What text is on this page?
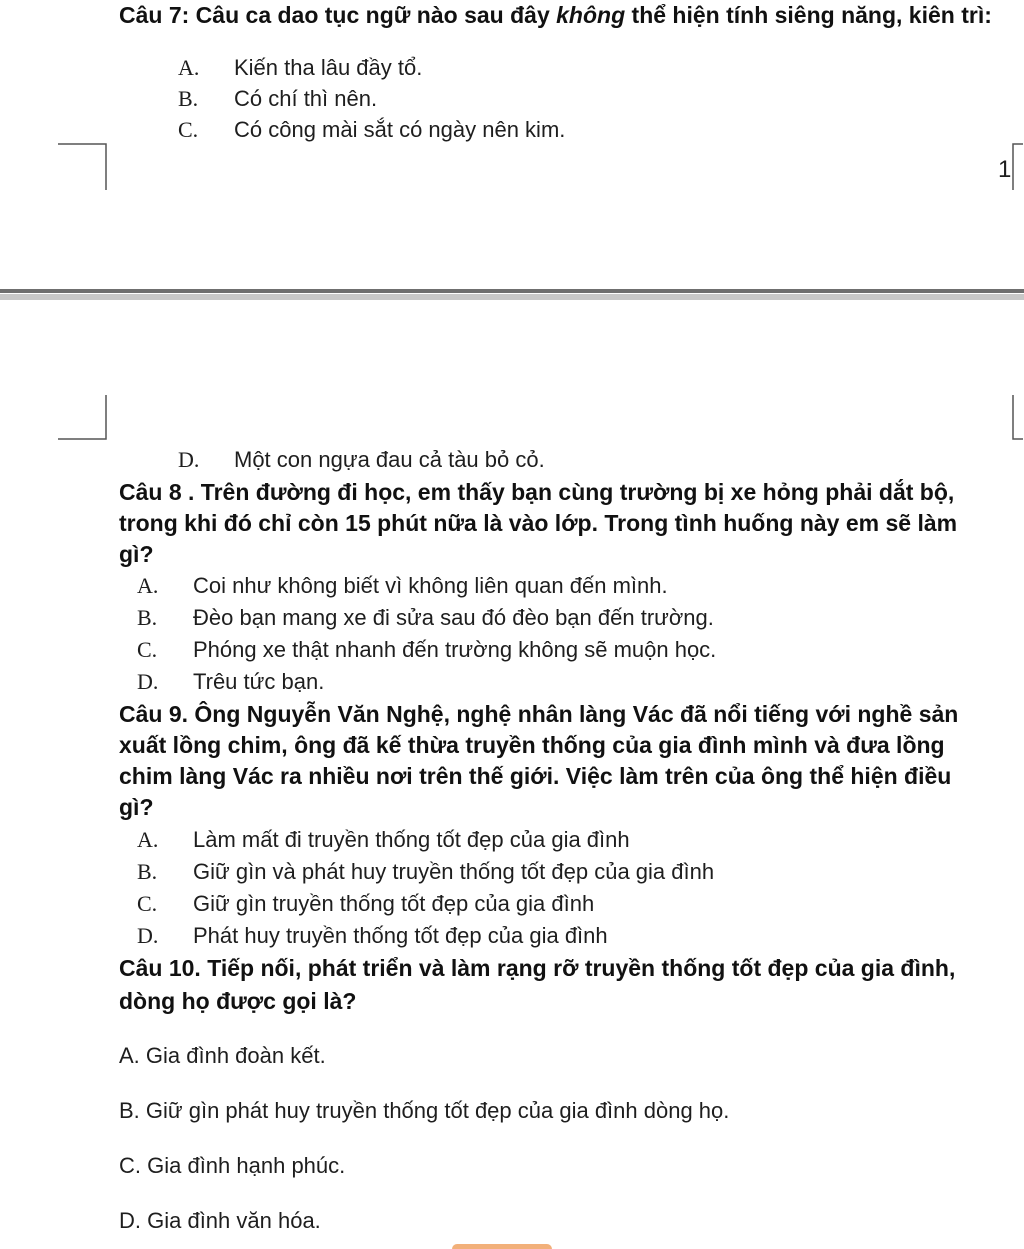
Câu 7: Câu ca dao tục ngữ nào sau đây không thể hiện tính siêng năng, kiên trì:
A. Kiến tha lâu đầy tổ.
B. Có chí thì nên.
C. Có công mài sắt có ngày nên kim.
1
D. Một con ngựa đau cả tàu bỏ cỏ.
Câu 8 . Trên đường đi học, em thấy bạn cùng trường bị xe hỏng phải dắt bộ,
trong khi đó chỉ còn 15 phút nữa là vào lớp. Trong tình huống này em sẽ làm
gì?
A. Coi như không biết vì không liên quan đến mình.
B. Đèo bạn mang xe đi sửa sau đó đèo bạn đến trường.
C. Phóng xe thật nhanh đến trường không sẽ muộn học.
D. Trêu tức bạn.
Câu 9. Ông Nguyễn Văn Nghệ, nghệ nhân làng Vác đã nổi tiếng với nghề sản
xuất lồng chim, ông đã kế thừa truyền thống của gia đình mình và đưa lồng
chim làng Vác ra nhiều nơi trên thế giới. Việc làm trên của ông thể hiện điều
gì?
A. Làm mất đi truyền thống tốt đẹp của gia đình
B. Giữ gìn và phát huy truyền thống tốt đẹp của gia đình
C. Giữ gìn truyền thống tốt đẹp của gia đình
D. Phát huy truyền thống tốt đẹp của gia đình
Câu 10. Tiếp nối, phát triển và làm rạng rỡ truyền thống tốt đẹp của gia đình,
dòng họ được gọi là?
A. Gia đình đoàn kết.
B. Giữ gìn phát huy truyền thống tốt đẹp của gia đình dòng họ.
C. Gia đình hạnh phúc.
D. Gia đình văn hóa.
